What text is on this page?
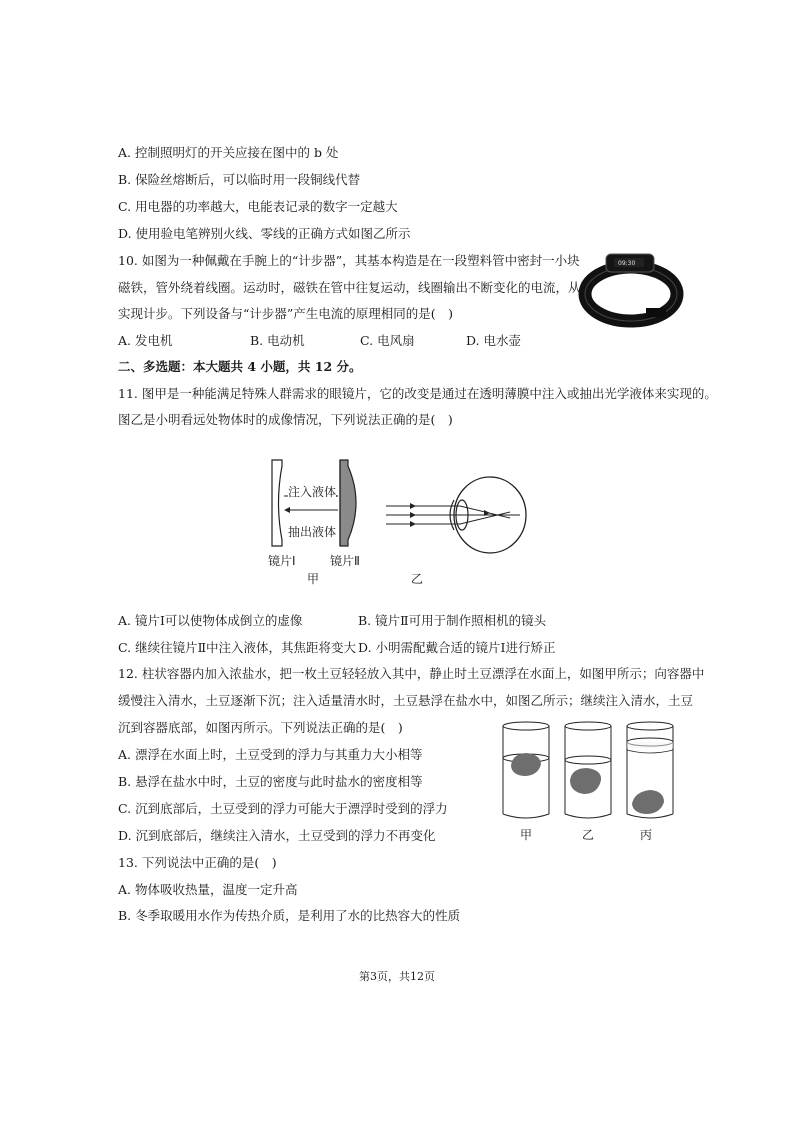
A. 控制照明灯的开关应接在图中的 b 处
B. 保险丝熔断后，可以临时用一段铜线代替
C. 用电器的功率越大，电能表记录的数字一定越大
D. 使用验电笔辨别火线、零线的正确方式如图乙所示
10. 如图为一种佩戴在手腕上的“计步器”，其基本构造是在一段塑料管中密封一小块
磁铁，管外绕着线圈。运动时，磁铁在管中往复运动，线圈输出不断变化的电流，从而
实现计步。下列设备与“计步器”产生电流的原理相同的是(　)
09:30
A. 发电机	B. 电动机	C. 电风扇	D. 电水壶
二、多选题：本大题共 4 小题，共 12 分。
11. 图甲是一种能满足特殊人群需求的眼镜片，它的改变是通过在透明薄膜中注入或抽出光学液体来实现的。
图乙是小明看远处物体时的成像情况，下列说法正确的是(　)
注入液体
抽出液体
镜片Ⅰ	镜片Ⅱ
甲	乙
A. 镜片Ⅰ可以使物体成倒立的虚像	B. 镜片Ⅱ可用于制作照相机的镜头
C. 继续往镜片Ⅱ中注入液体，其焦距将变大 D. 小明需配戴合适的镜片Ⅰ进行矫正
12. 柱状容器内加入浓盐水，把一枚土豆轻轻放入其中，静止时土豆漂浮在水面上，如图甲所示；向容器中
缓慢注入清水，土豆逐渐下沉；注入适量清水时，土豆悬浮在盐水中，如图乙所示；继续注入清水，土豆
沉到容器底部，如图丙所示。下列说法正确的是(　)
A. 漂浮在水面上时，土豆受到的浮力与其重力大小相等
B. 悬浮在盐水中时，土豆的密度与此时盐水的密度相等
C. 沉到底部后，土豆受到的浮力可能大于漂浮时受到的浮力
D. 沉到底部后，继续注入清水，土豆受到的浮力不再变化	甲	乙	丙
13. 下列说法中正确的是(　)
A. 物体吸收热量，温度一定升高
B. 冬季取暖用水作为传热介质，是利用了水的比热容大的性质
第3页，共12页
